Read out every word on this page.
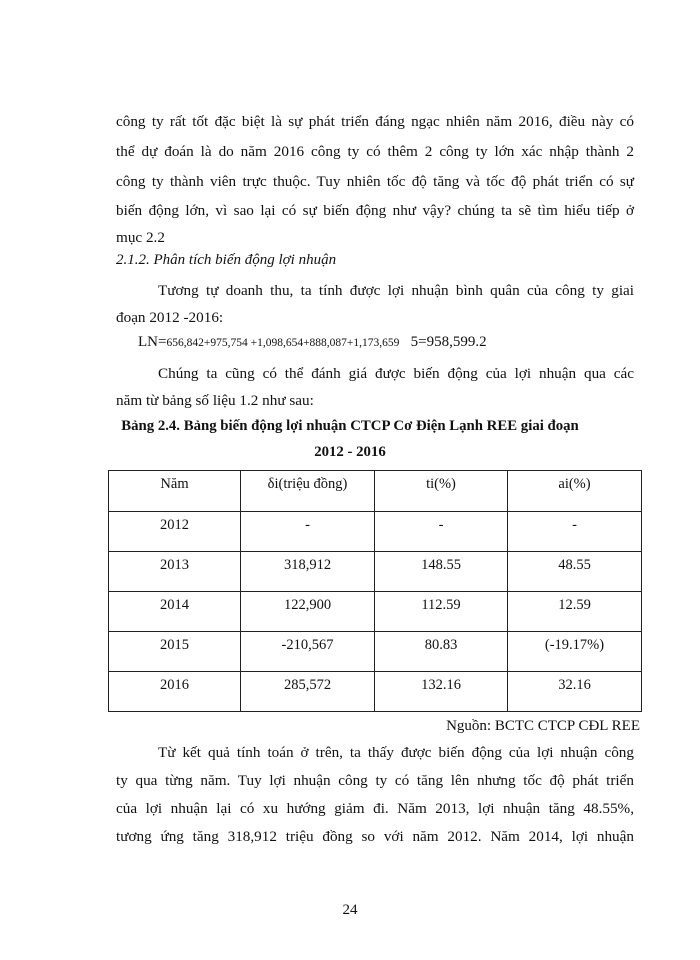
công ty rất tốt đặc biệt là sự phát triển đáng ngạc nhiên năm 2016, điều này có
thể dự đoán là do năm 2016 công ty có thêm 2 công ty lớn xác nhập thành 2
công ty thành viên trực thuộc. Tuy nhiên tốc độ tăng và tốc độ phát triển có sự
biến động lớn, vì sao lại có sự biến động như vậy? chúng ta sẽ tìm hiểu tiếp ở
mục 2.2
2.1.2. Phân tích biến động lợi nhuận
Tương tự doanh thu, ta tính được lợi nhuận bình quân của công ty giai
đoạn 2012 -2016:
LN=656,842+975,754 +1,098,654+888,087+1,173,659 5=958,599.2
Chúng ta cũng có thể đánh giá được biến động của lợi nhuận qua các
năm từ bảng số liệu 1.2 như sau:
Bảng 2.4. Bảng biến động lợi nhuận CTCP Cơ Điện Lạnh REE giai đoạn
2012 - 2016
Năm	δi(triệu đồng)	ti(%)	ai(%)
2012	-	-	-
2013	318,912	148.55	48.55
2014	122,900	112.59	12.59
2015	-210,567	80.83	(-19.17%)
2016	285,572	132.16	32.16
Nguồn: BCTC CTCP CĐL REE
Từ kết quả tính toán ở trên, ta thấy được biến động của lợi nhuận công
ty qua từng năm. Tuy lợi nhuận công ty có tăng lên nhưng tốc độ phát triển
của lợi nhuận lại có xu hướng giảm đi. Năm 2013, lợi nhuận tăng 48.55%,
tương ứng tăng 318,912 triệu đồng so với năm 2012. Năm 2014, lợi nhuận
24
